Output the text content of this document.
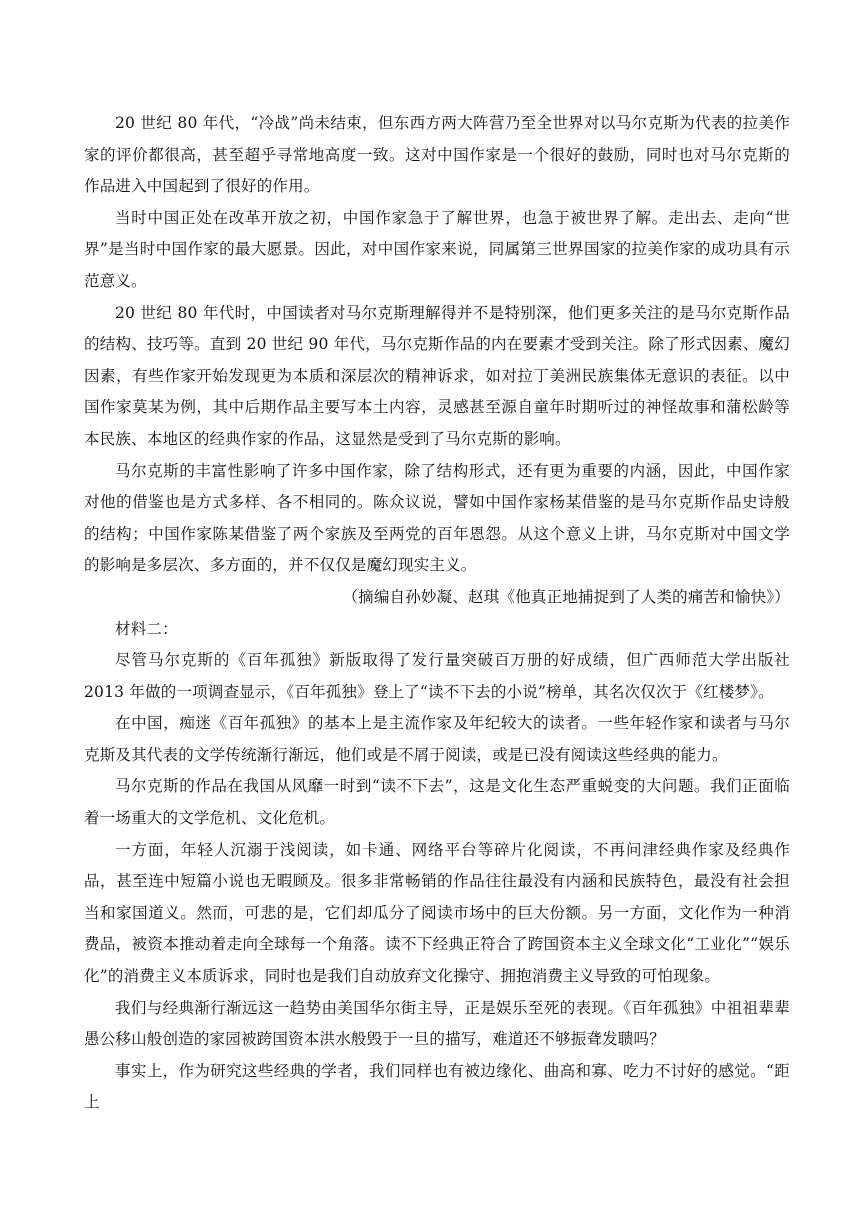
20 世纪 80 年代，“冷战”尚未结束，但东西方两大阵营乃至全世界对以马尔克斯为代表的拉美作家的评价都很高，甚至超乎寻常地高度一致。这对中国作家是一个很好的鼓励，同时也对马尔克斯的作品进入中国起到了很好的作用。

当时中国正处在改革开放之初，中国作家急于了解世界，也急于被世界了解。走出去、走向“世界”是当时中国作家的最大愿景。因此，对中国作家来说，同属第三世界国家的拉美作家的成功具有示范意义。

20 世纪 80 年代时，中国读者对马尔克斯理解得并不是特别深，他们更多关注的是马尔克斯作品的结构、技巧等。直到 20 世纪 90 年代，马尔克斯作品的内在要素才受到关注。除了形式因素、魔幻因素，有些作家开始发现更为本质和深层次的精神诉求，如对拉丁美洲民族集体无意识的表征。以中国作家莫某为例，其中后期作品主要写本土内容，灵感甚至源自童年时期听过的神怪故事和蒲松龄等本民族、本地区的经典作家的作品，这显然是受到了马尔克斯的影响。

马尔克斯的丰富性影响了许多中国作家，除了结构形式，还有更为重要的内涵，因此，中国作家对他的借鉴也是方式多样、各不相同的。陈众议说，譬如中国作家杨某借鉴的是马尔克斯作品史诗般的结构；中国作家陈某借鉴了两个家族及至两党的百年恩怨。从这个意义上讲，马尔克斯对中国文学的影响是多层次、多方面的，并不仅仅是魔幻现实主义。

（摘编自孙妙凝、赵琪《他真正地捕捉到了人类的痛苦和愉快》）

材料二：

尽管马尔克斯的《百年孤独》新版取得了发行量突破百万册的好成绩，但广西师范大学出版社 2013 年做的一项调查显示，《百年孤独》登上了“读不下去的小说”榜单，其名次仅次于《红楼梦》。

在中国，痴迷《百年孤独》的基本上是主流作家及年纪较大的读者。一些年轻作家和读者与马尔克斯及其代表的文学传统渐行渐远，他们或是不屑于阅读，或是已没有阅读这些经典的能力。

马尔克斯的作品在我国从风靡一时到“读不下去”，这是文化生态严重蜕变的大问题。我们正面临着一场重大的文学危机、文化危机。

一方面，年轻人沉溺于浅阅读，如卡通、网络平台等碎片化阅读，不再问津经典作家及经典作品，甚至连中短篇小说也无暇顾及。很多非常畅销的作品往往最没有内涵和民族特色，最没有社会担当和家国道义。然而，可悲的是，它们却瓜分了阅读市场中的巨大份额。另一方面，文化作为一种消费品，被资本推动着走向全球每一个角落。读不下经典正符合了跨国资本主义全球文化“工业化”“娱乐化”的消费主义本质诉求，同时也是我们自动放弃文化操守、拥抱消费主义导致的可怕现象。

我们与经典渐行渐远这一趋势由美国华尔街主导，正是娱乐至死的表现。《百年孤独》中祖祖辈辈愚公移山般创造的家园被跨国资本洪水般毁于一旦的描写，难道还不够振聋发聩吗？

事实上，作为研究这些经典的学者，我们同样也有被边缘化、曲高和寡、吃力不讨好的感觉。“距上
